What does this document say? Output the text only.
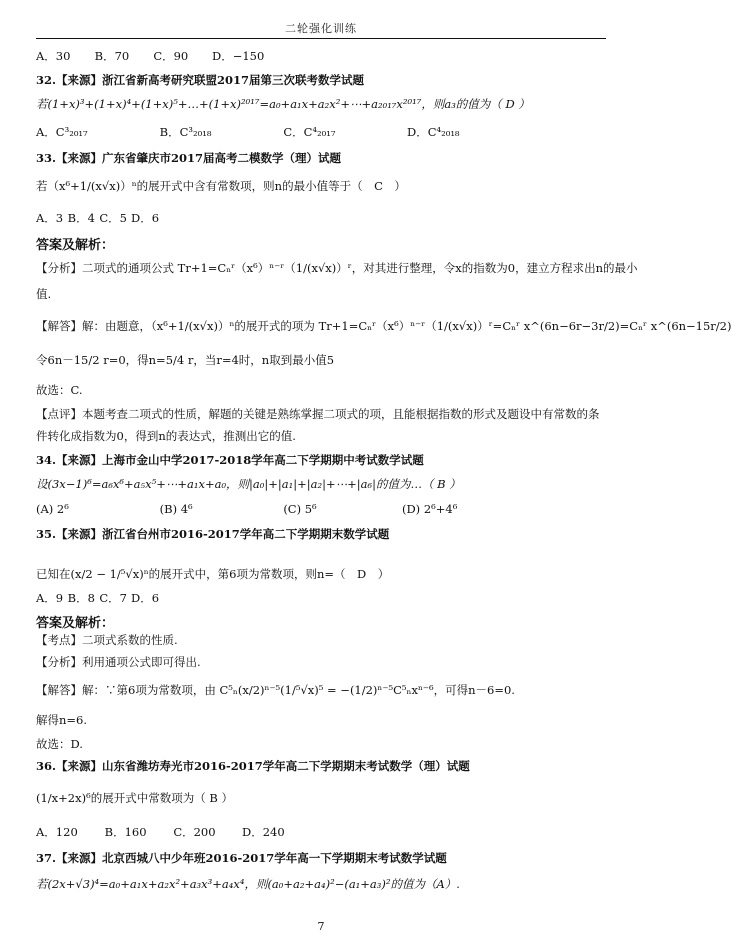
二轮强化训练
A．30 B．70 C．90 D．−150
32.【来源】浙江省新高考研究联盟2017届第三次联考数学试题
若(1+x)³+(1+x)⁴+(1+x)⁵+…+(1+x)²⁰¹⁷=a₀+a₁x+a₂x²+⋯+a₂₀₁₇x²⁰¹⁷，则a₃的值为（ D ）
A．C³₂₀₁₇	B．C³₂₀₁₈	C．C⁴₂₀₁₇	D．C⁴₂₀₁₈
33.【来源】广东省肇庆市2017届高考二模数学（理）试题
若（x⁶+1/(x√x)）ⁿ的展开式中含有常数项，则n的最小值等于（　C　）
A．3 B．4 C．5 D．6
答案及解析：
【分析】二项式的通项公式 Tr+1=Cₙʳ（x⁶）ⁿ⁻ʳ（1/(x√x)）ʳ，对其进行整理，令x的指数为0，建立方程求出n的最小
值.
【解答】解：由题意，（x⁶+1/(x√x)）ⁿ的展开式的项为 Tr+1=Cₙʳ（x⁶）ⁿ⁻ʳ（1/(x√x)）ʳ=Cₙʳ x^(6n−6r−3r/2)=Cₙʳ x^(6n−15r/2)
令6n－15/2 r=0，得n=5/4 r，当r=4时，n取到最小值5
故选：C.
【点评】本题考查二项式的性质，解题的关键是熟练掌握二项式的项，且能根据指数的形式及题设中有常数的条
件转化成指数为0，得到n的表达式，推测出它的值.
34.【来源】上海市金山中学2017-2018学年高二下学期期中考试数学试题
设(3x−1)⁶=a₆x⁶+a₅x⁵+⋯+a₁x+a₀，则|a₀|+|a₁|+|a₂|+⋯+|a₆|的值为…（ B ）
(A) 2⁶	(B) 4⁶	(C) 5⁶	(D) 2⁶+4⁶
35.【来源】浙江省台州市2016-2017学年高二下学期期末数学试题
已知在(x/2 − 1/⁵√x)ⁿ的展开式中，第6项为常数项，则n=（　D　）
A．9 B．8 C．7 D．6
答案及解析：
【考点】二项式系数的性质.
【分析】利用通项公式即可得出.
【解答】解：∵第6项为常数项，由 C⁵ₙ(x/2)ⁿ⁻⁵(1/⁵√x)⁵ = −(1/2)ⁿ⁻⁵C⁵ₙxⁿ⁻⁶，可得n－6=0.
解得n=6.
故选：D.
36.【来源】山东省潍坊寿光市2016-2017学年高二下学期期末考试数学（理）试题
(1/x+2x)⁶的展开式中常数项为（ B ）
A．120 B．160 C．200 D．240
37.【来源】北京西城八中少年班2016-2017学年高一下学期期末考试数学试题
若(2x+√3)⁴=a₀+a₁x+a₂x²+a₃x³+a₄x⁴，则(a₀+a₂+a₄)²−(a₁+a₃)²的值为（A）.
7
